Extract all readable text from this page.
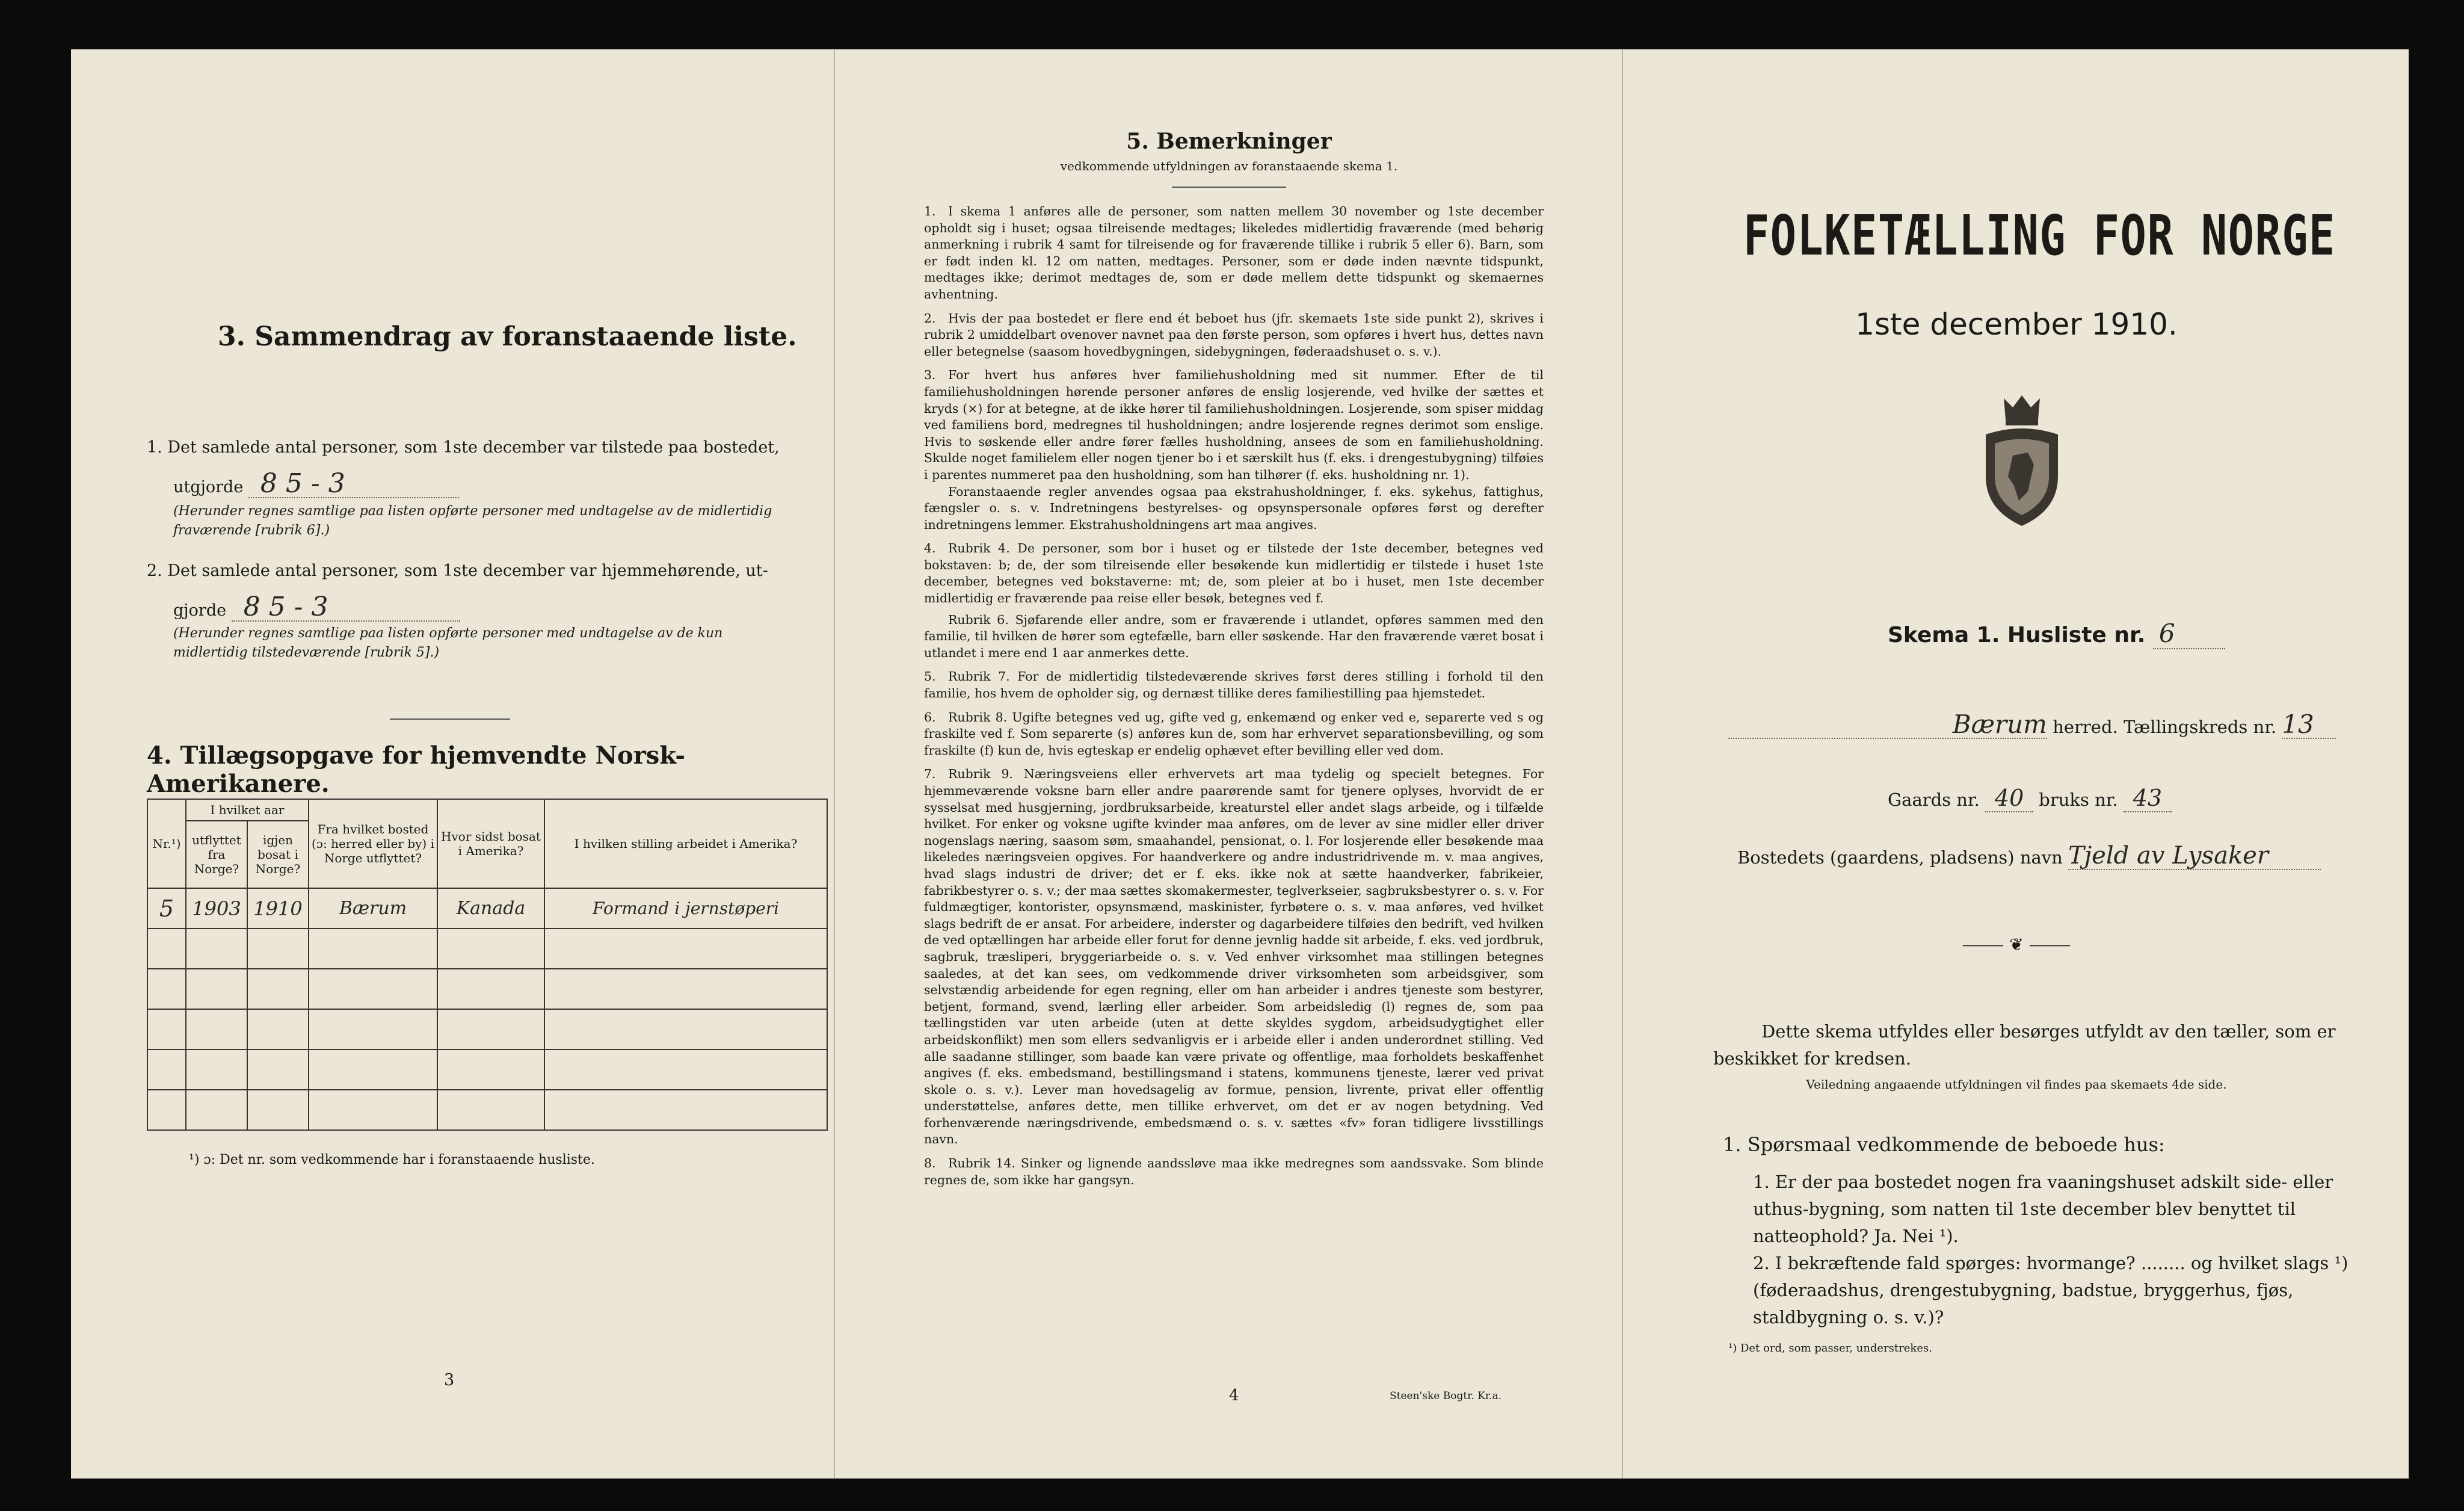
3. Sammendrag av foranstaaende liste.
1. Det samlede antal personer, som 1ste december var tilstede paa bostedet,
utgjorde 8 5 - 3
(Herunder regnes samtlige paa listen opførte personer med undtagelse av de midlertidig fraværende [rubrik 6].)
2. Det samlede antal personer, som 1ste december var hjemmehørende, ut-
gjorde 8 5 - 3
(Herunder regnes samtlige paa listen opførte personer med undtagelse av de kun midlertidig tilstedeværende [rubrik 5].)
4. Tillægsopgave for hjemvendte Norsk-Amerikanere.
Nr.¹)	I hvilket aar		Fra hvilket bosted (ɔ: herred eller by) i Norge utflyttet?	Hvor sidst bosat i Amerika?	I hvilken stilling arbeidet i Amerika?
	utflyttet fra Norge?	igjen bosat i Norge?			
5	1903	1910	Bærum	Kanada	Formand i jernstøperi

¹) ɔ: Det nr. som vedkommende har i foranstaaende husliste.
3
5. Bemerkninger
vedkommende utfyldningen av foranstaaende skema 1.

1. I skema 1 anføres alle de personer, som natten mellem 30 november og 1ste december opholdt sig i huset; ogsaa tilreisende medtages; likeledes midlertidig fraværende (med behørig anmerkning i rubrik 4 samt for tilreisende og for fraværende tillike i rubrik 5 eller 6). Barn, som er født inden kl. 12 om natten, medtages. Personer, som er døde inden nævnte tidspunkt, medtages ikke; derimot medtages de, som er døde mellem dette tidspunkt og skemaernes avhentning.

2. Hvis der paa bostedet er flere end ét beboet hus (jfr. skemaets 1ste side punkt 2), skrives i rubrik 2 umiddelbart ovenover navnet paa den første person, som opføres i hvert hus, dettes navn eller betegnelse (saasom hovedbygningen, sidebygningen, føderaadshuset o. s. v.).

3. For hvert hus anføres hver familiehusholdning med sit nummer. Efter de til familiehusholdningen hørende personer anføres de enslig losjerende, ved hvilke der sættes et kryds (×) for at betegne, at de ikke hører til familiehusholdningen. Losjerende, som spiser middag ved familiens bord, medregnes til husholdningen; andre losjerende regnes derimot som enslige. Hvis to søskende eller andre fører fælles husholdning, ansees de som en familiehusholdning. Skulde noget familielem eller nogen tjener bo i et særskilt hus (f. eks. i drengestubygning) tilføies i parentes nummeret paa den husholdning, som han tilhører (f. eks. husholdning nr. 1).

Foranstaaende regler anvendes ogsaa paa ekstrahusholdninger, f. eks. sykehus, fattighus, fængsler o. s. v. Indretningens bestyrelses- og opsynspersonale opføres først og derefter indretningens lemmer. Ekstrahusholdningens art maa angives.

4. Rubrik 4. De personer, som bor i huset og er tilstede der 1ste december, betegnes ved bokstaven: b; de, der som tilreisende eller besøkende kun midlertidig er tilstede i huset 1ste december, betegnes ved bokstaverne: mt; de, som pleier at bo i huset, men 1ste december midlertidig er fraværende paa reise eller besøk, betegnes ved f.

Rubrik 6. Sjøfarende eller andre, som er fraværende i utlandet, opføres sammen med den familie, til hvilken de hører som egtefælle, barn eller søskende. Har den fraværende været bosat i utlandet i mere end 1 aar anmerkes dette.

5. Rubrik 7. For de midlertidig tilstedeværende skrives først deres stilling i forhold til den familie, hos hvem de opholder sig, og dernæst tillike deres familiestilling paa hjemstedet.

6. Rubrik 8. Ugifte betegnes ved ug, gifte ved g, enkemænd og enker ved e, separerte ved s og fraskilte ved f. Som separerte (s) anføres kun de, som har erhvervet separationsbevilling, og som fraskilte (f) kun de, hvis egteskap er endelig ophævet efter bevilling eller ved dom.

7. Rubrik 9. Næringsveiens eller erhvervets art maa tydelig og specielt betegnes. For hjemmeværende voksne barn eller andre paarørende samt for tjenere oplyses, hvorvidt de er sysselsat med husgjerning, jordbruksarbeide, kreaturstel eller andet slags arbeide, og i tilfælde hvilket. For enker og voksne ugifte kvinder maa anføres, om de lever av sine midler eller driver nogenslags næring, saasom søm, smaahandel, pensionat, o. l. For losjerende eller besøkende maa likeledes næringsveien opgives. For haandverkere og andre industridrivende m. v. maa angives, hvad slags industri de driver; det er f. eks. ikke nok at sætte haandverker, fabrikeier, fabrikbestyrer o. s. v.; der maa sættes skomakermester, teglverkseier, sagbruksbestyrer o. s. v. For fuldmægtiger, kontorister, opsynsmænd, maskinister, fyrbøtere o. s. v. maa anføres, ved hvilket slags bedrift de er ansat. For arbeidere, inderster og dagarbeidere tilføies den bedrift, ved hvilken de ved optællingen har arbeide eller forut for denne jevnlig hadde sit arbeide, f. eks. ved jordbruk, sagbruk, træsliperi, bryggeriarbeide o. s. v. Ved enhver virksomhet maa stillingen betegnes saaledes, at det kan sees, om vedkommende driver virksomheten som arbeidsgiver, som selvstændig arbeidende for egen regning, eller om han arbeider i andres tjeneste som bestyrer, betjent, formand, svend, lærling eller arbeider. Som arbeidsledig (l) regnes de, som paa tællingstiden var uten arbeide (uten at dette skyldes sygdom, arbeidsudygtighet eller arbeidskonflikt) men som ellers sedvanligvis er i arbeide eller i anden underordnet stilling. Ved alle saadanne stillinger, som baade kan være private og offentlige, maa forholdets beskaffenhet angives (f. eks. embedsmand, bestillingsmand i statens, kommunens tjeneste, lærer ved privat skole o. s. v.). Lever man hovedsagelig av formue, pension, livrente, privat eller offentlig understøttelse, anføres dette, men tillike erhvervet, om det er av nogen betydning. Ved forhenværende næringsdrivende, embedsmænd o. s. v. sættes «fv» foran tidligere livsstillings navn.

8. Rubrik 14. Sinker og lignende aandssløve maa ikke medregnes som aandssvake. Som blinde regnes de, som ikke har gangsyn.

4	Steen'ske Bogtr. Kr.a.
FOLKETÆLLING FOR NORGE
1ste december 1910.
Skema 1. Husliste nr. 6
Bærum herred. Tællingskreds nr. 13
Gaards nr. 40 bruks nr. 43
Bostedets (gaardens, pladsens) navn Tjeld av Lysaker
⸻ ❦ ⸻
Dette skema utfyldes eller besørges utfyldt av den tæller, som er beskikket for kredsen.
Veiledning angaaende utfyldningen vil findes paa skemaets 4de side.
1. Spørsmaal vedkommende de beboede hus:
1. Er der paa bostedet nogen fra vaaningshuset adskilt side- eller uthus-bygning, som natten til 1ste december blev benyttet til natteophold? Ja. Nei ¹).
2. I bekræftende fald spørges: hvormange? ........ og hvilket slags ¹) (føderaadshus, drengestubygning, badstue, bryggerhus, fjøs, staldbygning o. s. v.)?
¹) Det ord, som passer, understrekes.
